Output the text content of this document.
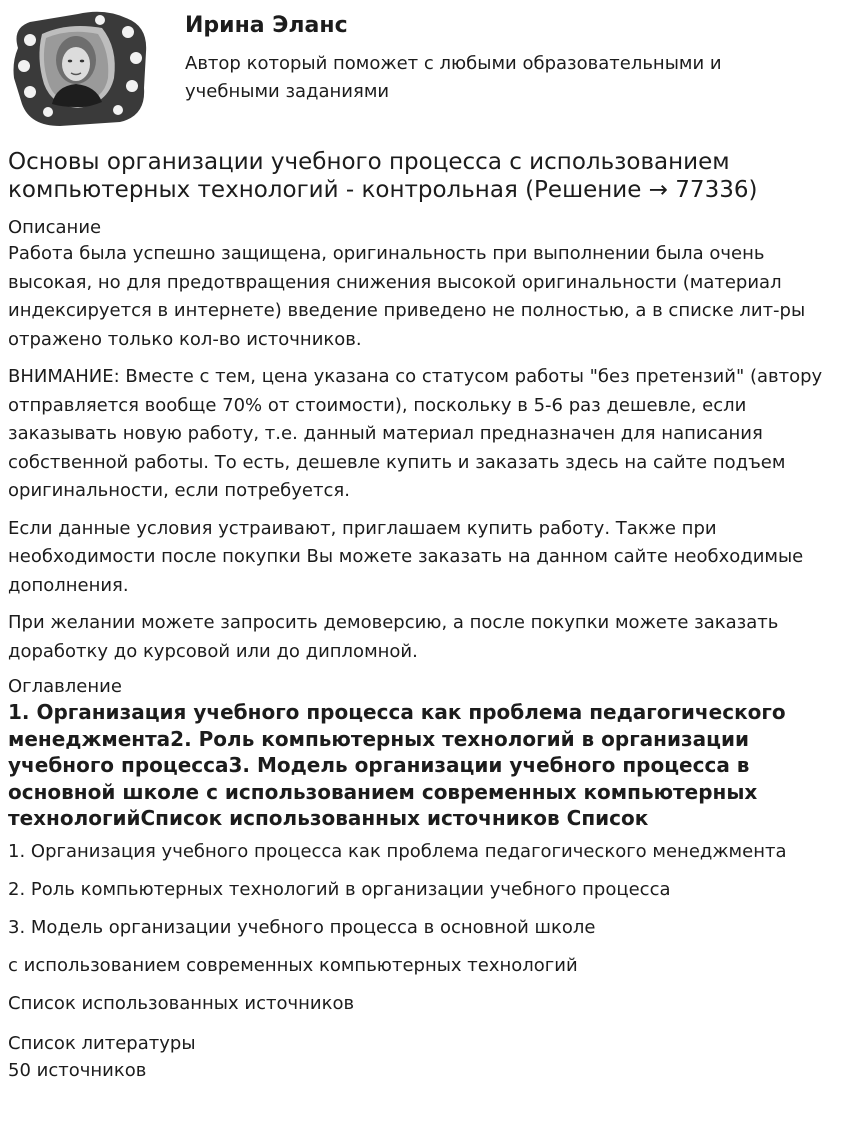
Ирина Эланс

Автор который поможет с любыми образовательными и учебными заданиями

Основы организации учебного процесса с использованием компьютерных технологий - контрольная (Решение → 77336)
Описание

Работа была успешно защищена, оригинальность при выполнении была очень высокая, но для предотвращения снижения высокой оригинальности (материал индексируется в интернете) введение приведено не полностью, а в списке лит-ры отражено только кол-во источников.

ВНИМАНИЕ: Вместе с тем, цена указана со статусом работы "без претензий" (автору отправляется вообще 70% от стоимости), поскольку в 5-6 раз дешевле, если заказывать новую работу, т.е. данный материал предназначен для написания собственной работы. То есть, дешевле купить и заказать здесь на сайте подъем оригинальности, если потребуется.

Если данные условия устраивают, приглашаем купить работу. Также при необходимости после покупки Вы можете заказать на данном сайте необходимые дополнения.

При желании можете запросить демоверсию, а после покупки можете заказать доработку до курсовой или до дипломной.

Оглавление
1. Организация учебного процесса как проблема педагогического менеджмента2. Роль компьютерных технологий в организации учебного процесса3. Модель организации учебного процесса в основной школе с использованием современных компьютерных технологийСписок использованных источников Список

1. Организация учебного процесса как проблема педагогического менеджмента

2. Роль компьютерных технологий в организации учебного процесса

3. Модель организации учебного процесса в основной школе

с использованием современных компьютерных технологий

Список использованных источников

Список литературы
50 источников
